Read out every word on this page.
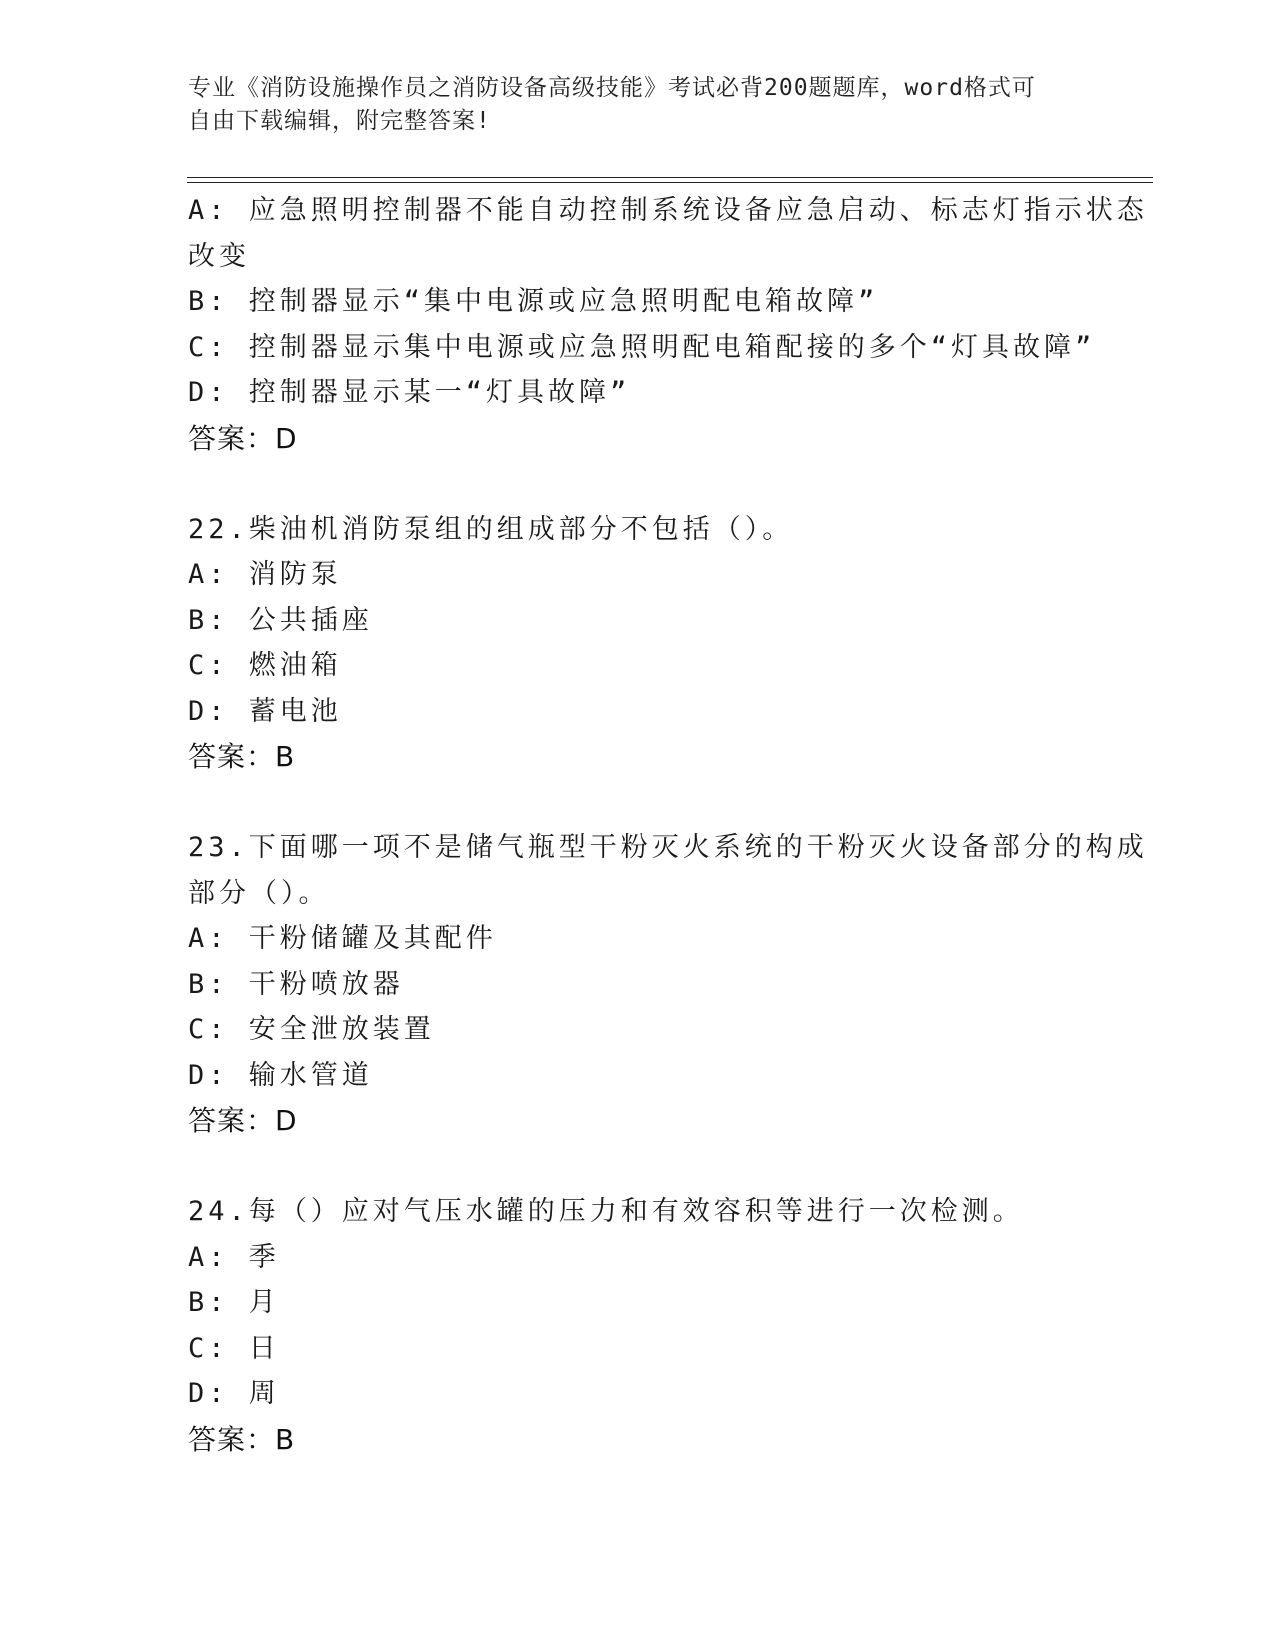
专业《消防设施操作员之消防设备高级技能》考试必背200题题库，word格式可
自由下载编辑，附完整答案!
A: 应急照明控制器不能自动控制系统设备应急启动、标志灯指示状态
改变
B: 控制器显示“集中电源或应急照明配电箱故障”
C: 控制器显示集中电源或应急照明配电箱配接的多个“灯具故障”
D: 控制器显示某一“灯具故障”
答案：D
22.柴油机消防泵组的组成部分不包括（）。
A: 消防泵
B: 公共插座
C: 燃油箱
D: 蓄电池
答案：B
23.下面哪一项不是储气瓶型干粉灭火系统的干粉灭火设备部分的构成
部分（）。
A: 干粉储罐及其配件
B: 干粉喷放器
C: 安全泄放装置
D: 输水管道
答案：D
24.每（）应对气压水罐的压力和有效容积等进行一次检测。
A: 季
B: 月
C: 日
D: 周
答案：B
